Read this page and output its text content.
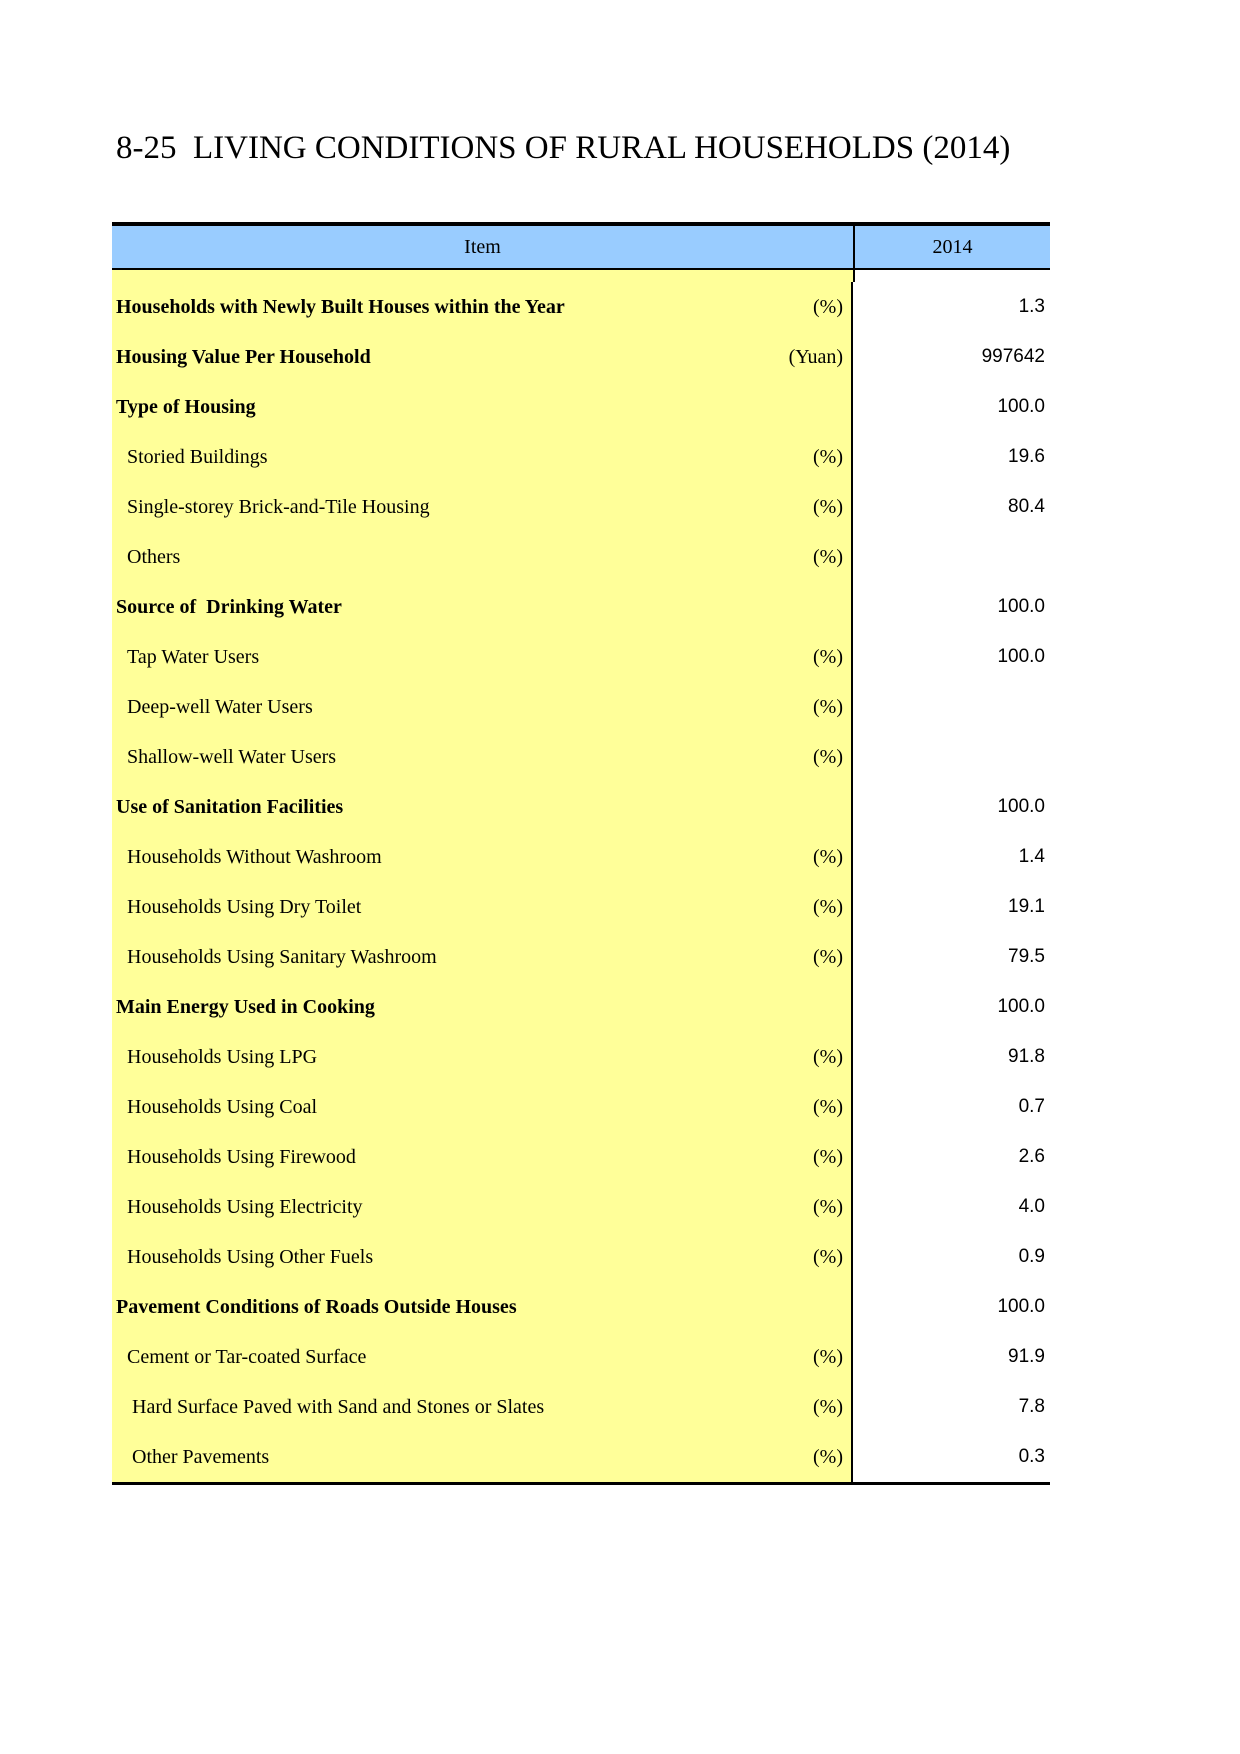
8-25  LIVING CONDITIONS OF RURAL HOUSEHOLDS (2014)
Item	2014
Households with Newly Built Houses within the Year	(%)	1.3
Housing Value Per Household	(Yuan)	997642
Type of Housing	100.0
Storied Buildings	(%)	19.6
Single-storey Brick-and-Tile Housing	(%)	80.4
Others	(%)
Source of  Drinking Water	100.0
Tap Water Users	(%)	100.0
Deep-well Water Users	(%)
Shallow-well Water Users	(%)
Use of Sanitation Facilities	100.0
Households Without Washroom	(%)	1.4
Households Using Dry Toilet	(%)	19.1
Households Using Sanitary Washroom	(%)	79.5
Main Energy Used in Cooking	100.0
Households Using LPG	(%)	91.8
Households Using Coal	(%)	0.7
Households Using Firewood	(%)	2.6
Households Using Electricity	(%)	4.0
Households Using Other Fuels	(%)	0.9
Pavement Conditions of Roads Outside Houses	100.0
Cement or Tar-coated Surface	(%)	91.9
Hard Surface Paved with Sand and Stones or Slates	(%)	7.8
Other Pavements	(%)	0.3
